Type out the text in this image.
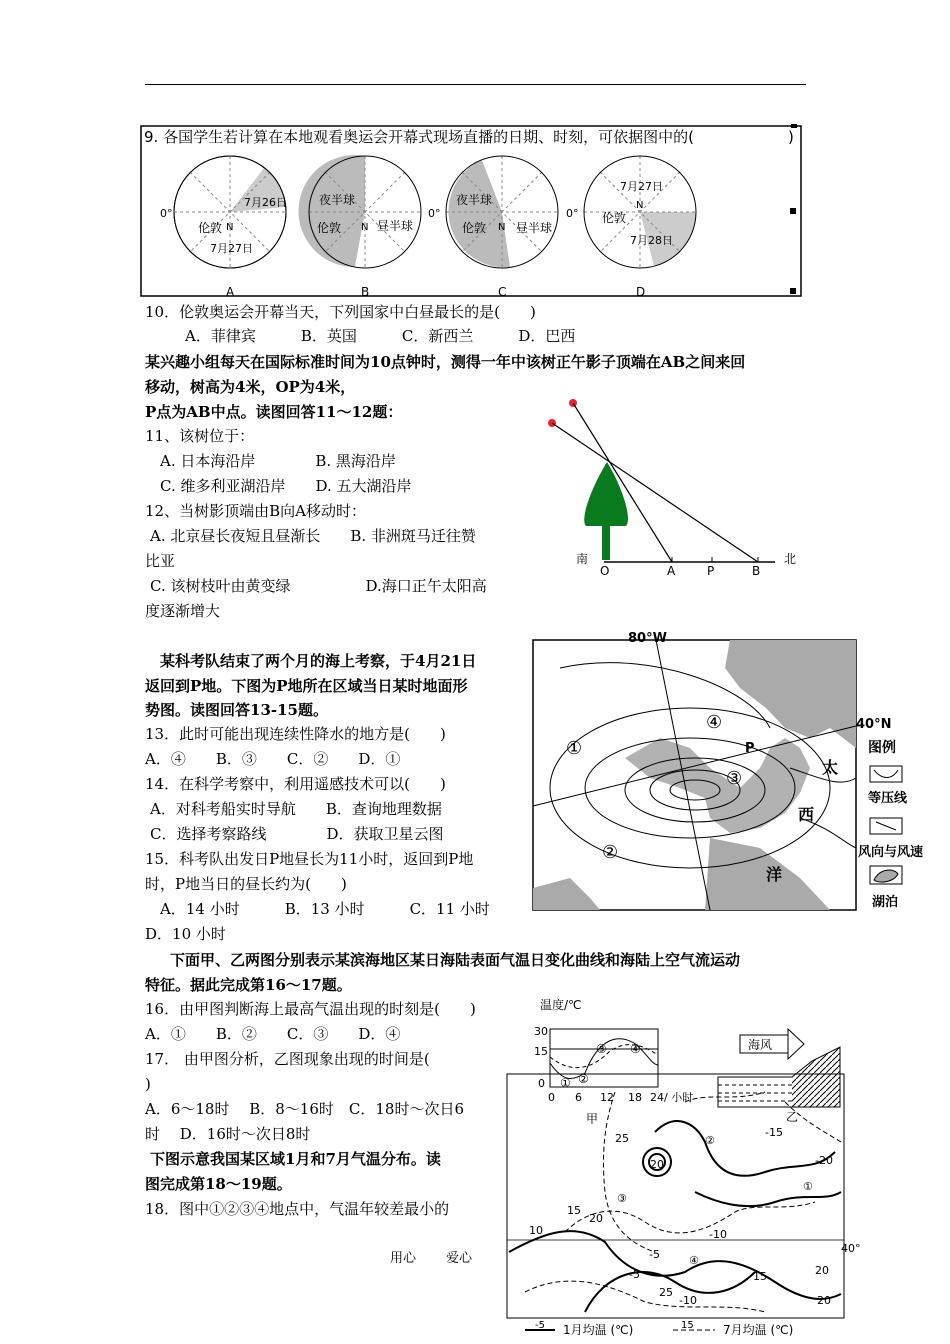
9. 各国学生若计算在本地观看奥运会开幕式现场直播的日期、时刻，可依据图中的(	)
0°
伦敦 N
7月26日
7月27日
A
夜半球
伦敦 N 昼半球
B
0°
夜半球
伦敦 N 昼半球
C
0°
7月27日
N
伦敦
7月28日
D
10．伦敦奥运会开幕当天，下列国家中白昼最长的是(　　)
A．菲律宾　　　B．英国　　　C．新西兰　　　D．巴西
某兴趣小组每天在国际标准时间为10点钟时，测得一年中该树正午影子顶端在AB之间来回
移动，树高为4米，OP为4米，
P点为AB中点。读图回答11～12题：
11、该树位于：
A. 日本海沿岸　　　　B. 黑海沿岸
C. 维多利亚湖沿岸　　D. 五大湖沿岸
12、当树影顶端由B向A移动时：
A. 北京昼长夜短且昼渐长　　B. 非洲斑马迁往赞
比亚
C. 该树枝叶由黄变绿　　　　　D.海口正午太阳高
度逐渐增大
南	北
O	A	P	B
某科考队结束了两个月的海上考察，于4月21日
返回到P地。下图为P地所在区域当日某时地面形
势图。读图回答13-15题。
13．此时可能出现连续性降水的地方是(　　)
A．④　　B．③　　C．②　　D．①
14．在科学考察中，利用遥感技术可以(　　)
A．对科考船实时导航　　B．查询地理数据
C．选择考察路线　　　　D．获取卫星云图
15．科考队出发日P地昼长为11小时，返回到P地
时，P地当日的昼长约为(　　)
A．14 小时　　　B．13 小时　　　C．11 小时
D．10 小时
80°W
40°N
P
①
②
③
④
太
西
洋
图例
等压线
风向与风速
湖泊
下面甲、乙两图分别表示某滨海地区某日海陆表面气温日变化曲线和海陆上空气流运动
特征。据此完成第16～17题。
16．由甲图判断海上最高气温出现的时刻是(　　)
A．①　　B．②　　C．③　　D．④
17． 由甲图分析，乙图现象出现的时间是(
)
A．6～18时　 B．8～16时　C．18时～次日6
时　 D．16时～次日8时
温度/℃
30
15
0
0 6 12 18 24/ 小时
① ②
③ ④
甲
海风
乙
下图示意我国某区域1月和7月气温分布。读
图完成第18～19题。
18．图中①②③④地点中，气温年较差最小的
25	②
-15
-20
①
20
③
15
20
-10
10
-5	④
20
25
15
-10	20
40°
-5
-5 1月均温 (℃)	15 7月均温 (℃)
用心 爱心
